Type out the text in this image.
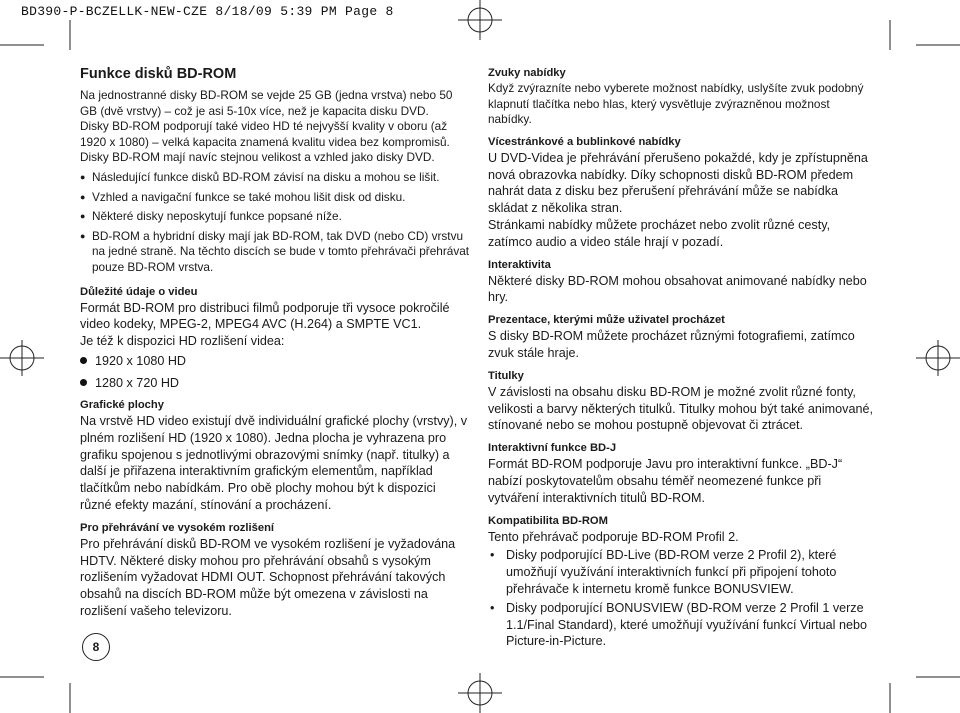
BD390-P-BCZELLK-NEW-CZE 8/18/09 5:39 PM Page 8
Funkce disků BD-ROM

Na jednostranné disky BD-ROM se vejde 25 GB (jedna vrstva) nebo 50 GB (dvě vrstvy) – což je asi 5-10x více, než je kapacita disku DVD.
Disky BD-ROM podporují také video HD té nejvyšší kvality v oboru (až 1920 x 1080) – velká kapacita znamená kvalitu videa bez kompromisů.
Disky BD-ROM mají navíc stejnou velikost a vzhled jako disky DVD.

● Následující funkce disků BD-ROM závisí na disku a mohou se lišit.
● Vzhled a navigační funkce se také mohou lišit disk od disku.
● Některé disky neposkytují funkce popsané níže.
● BD-ROM a hybridní disky mají jak BD-ROM, tak DVD (nebo CD) vrstvu na jedné straně. Na těchto discích se bude v tomto přehrávači přehrávat pouze BD-ROM vrstva.
Důležité údaje o videu

Formát BD-ROM pro distribuci filmů podporuje tři vysoce pokročilé video kodeky, MPEG-2, MPEG4 AVC (H.264) a SMPTE VC1.

Je též k dispozici HD rozlišení videa:

1920 x 1080 HD
1280 x 720 HD
Grafické plochy

Na vrstvě HD video existují dvě individuální grafické plochy (vrstvy), v plném rozlišení HD (1920 x 1080). Jedna plocha je vyhrazena pro grafiku spojenou s jednotlivými obrazovými snímky (např. titulky) a další je přiřazena interaktivním grafickým elementům, například tlačítkům nebo nabídkám. Pro obě plochy mohou být k dispozici různé efekty mazání, stínování a procházení.

Pro přehrávání ve vysokém rozlišení

Pro přehrávání disků BD-ROM ve vysokém rozlišení je vyžadována HDTV. Některé disky mohou pro přehrávání obsahů s vysokým rozlišením vyžadovat HDMI OUT. Schopnost přehrávání takových obsahů na discích BD-ROM může být omezena v závislosti na rozlišení vašeho televizoru.

Zvuky nabídky

Když zvýrazníte nebo vyberete možnost nabídky, uslyšíte zvuk podobný klapnutí tlačítka nebo hlas, který vysvětluje zvýrazněnou možnost nabídky.

Vícestránkové a bublinkové nabídky

U DVD-Videa je přehrávání přerušeno pokaždé, kdy je zpřístupněna nová obrazovka nabídky. Díky schopnosti disků BD-ROM předem nahrát data z disku bez přerušení přehrávání může se nabídka skládat z několika stran.

Stránkami nabídky můžete procházet nebo zvolit různé cesty, zatímco audio a video stále hrají v pozadí.

Interaktivita

Některé disky BD-ROM mohou obsahovat animované nabídky nebo hry.

Prezentace, kterými může uživatel procházet

S disky BD-ROM můžete procházet různými fotografiemi, zatímco zvuk stále hraje.

Titulky

V závislosti na obsahu disku BD-ROM je možné zvolit různé fonty, velikosti a barvy některých titulků. Titulky mohou být také animované, stínované nebo se mohou postupně objevovat či ztrácet.

Interaktivní funkce BD-J

Formát BD-ROM podporuje Javu pro interaktivní funkce. „BD-J“ nabízí poskytovatelům obsahu téměř neomezené funkce při vytváření interaktivních titulů BD-ROM.

Kompatibilita BD-ROM

Tento přehrávač podporuje BD-ROM Profil 2.

• Disky podporující BD-Live (BD-ROM verze 2 Profil 2), které umožňují využívání interaktivních funkcí při připojení tohoto přehrávače k internetu kromě funkce BONUSVIEW.
• Disky podporující BONUSVIEW (BD-ROM verze 2 Profil 1 verze 1.1/Final Standard), které umožňují využívání funkcí Virtual nebo Picture-in-Picture.
8
